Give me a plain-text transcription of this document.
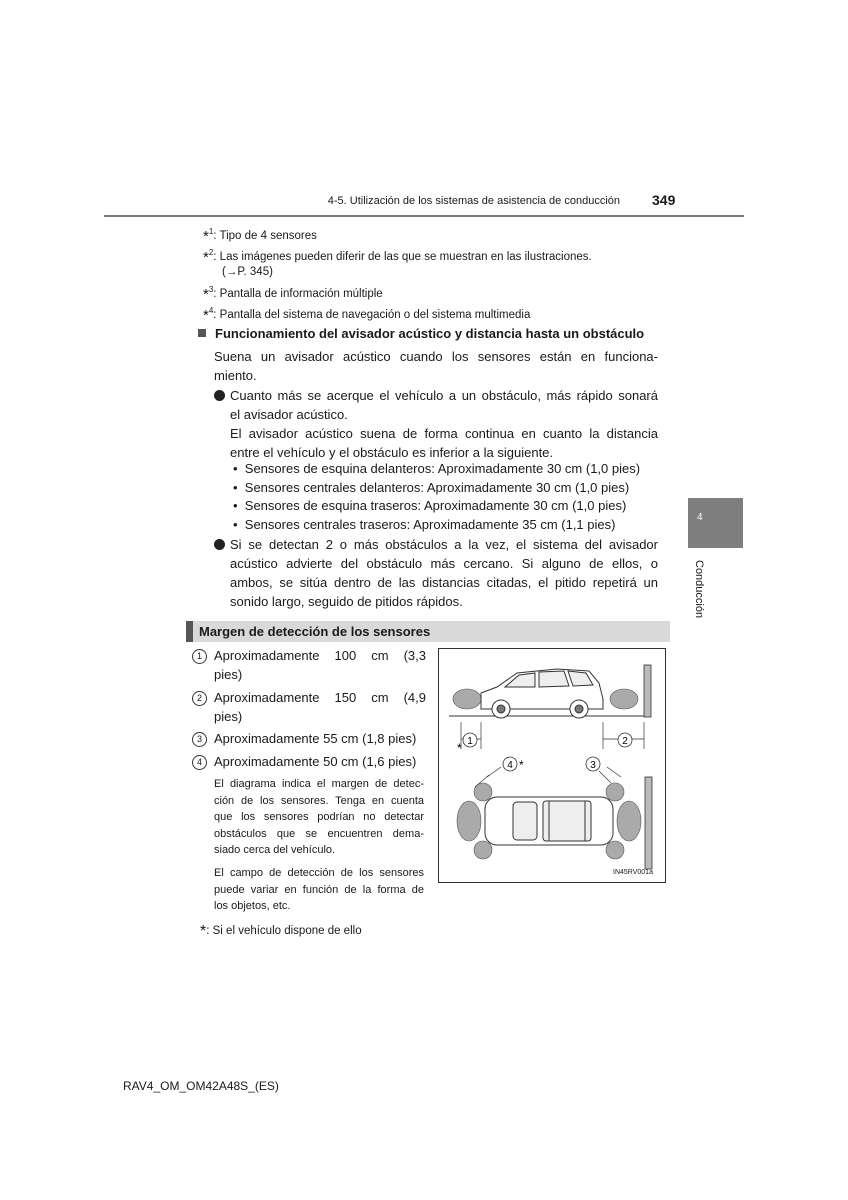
4-5. Utilización de los sistemas de asistencia de conducción 349
*$^1$: Tipo de 4 sensores
*$^2$: Las imágenes pueden diferir de las que se muestran en las ilustraciones.
(→P. 345)
*$^3$: Pantalla de información múltiple
*$^4$: Pantalla del sistema de navegación o del sistema multimedia
Funcionamiento del avisador acústico y distancia hasta un obstáculo
Suena un avisador acústico cuando los sensores están en funciona-
miento.
Cuanto más se acerque el vehículo a un obstáculo, más rápido sonará
el avisador acústico.
El avisador acústico suena de forma continua en cuanto la distancia
entre el vehículo y el obstáculo es inferior a la siguiente.
•  Sensores de esquina delanteros: Aproximadamente 30 cm (1,0 pies)
•  Sensores centrales delanteros: Aproximadamente 30 cm (1,0 pies)
•  Sensores de esquina traseros: Aproximadamente 30 cm (1,0 pies)
•  Sensores centrales traseros: Aproximadamente 35 cm (1,1 pies)
Si se detectan 2 o más obstáculos a la vez, el sistema del avisador
acústico advierte del obstáculo más cercano. Si alguno de ellos, o
ambos, se sitúa dentro de las distancias citadas, el pitido repetirá un
sonido largo, seguido de pitidos rápidos.
4
Conducción
Margen de detección de los sensores
1 Aproximadamente 100 cm (3,3
pies)
2 Aproximadamente 150 cm (4,9
pies)
3 Aproximadamente 55 cm (1,8 pies)
4 Aproximadamente 50 cm (1,6 pies)
El diagrama indica el margen de detec-
ción de los sensores. Tenga en cuenta
que los sensores podrían no detectar
obstáculos que se encuentren dema-
siado cerca del vehículo.
El campo de detección de los sensores
puede variar en función de la forma de
los objetos, etc.
1	2
*
4 *	3
IN45RV001a
*: Si el vehículo dispone de ello
RAV4_OM_OM42A48S_(ES)
